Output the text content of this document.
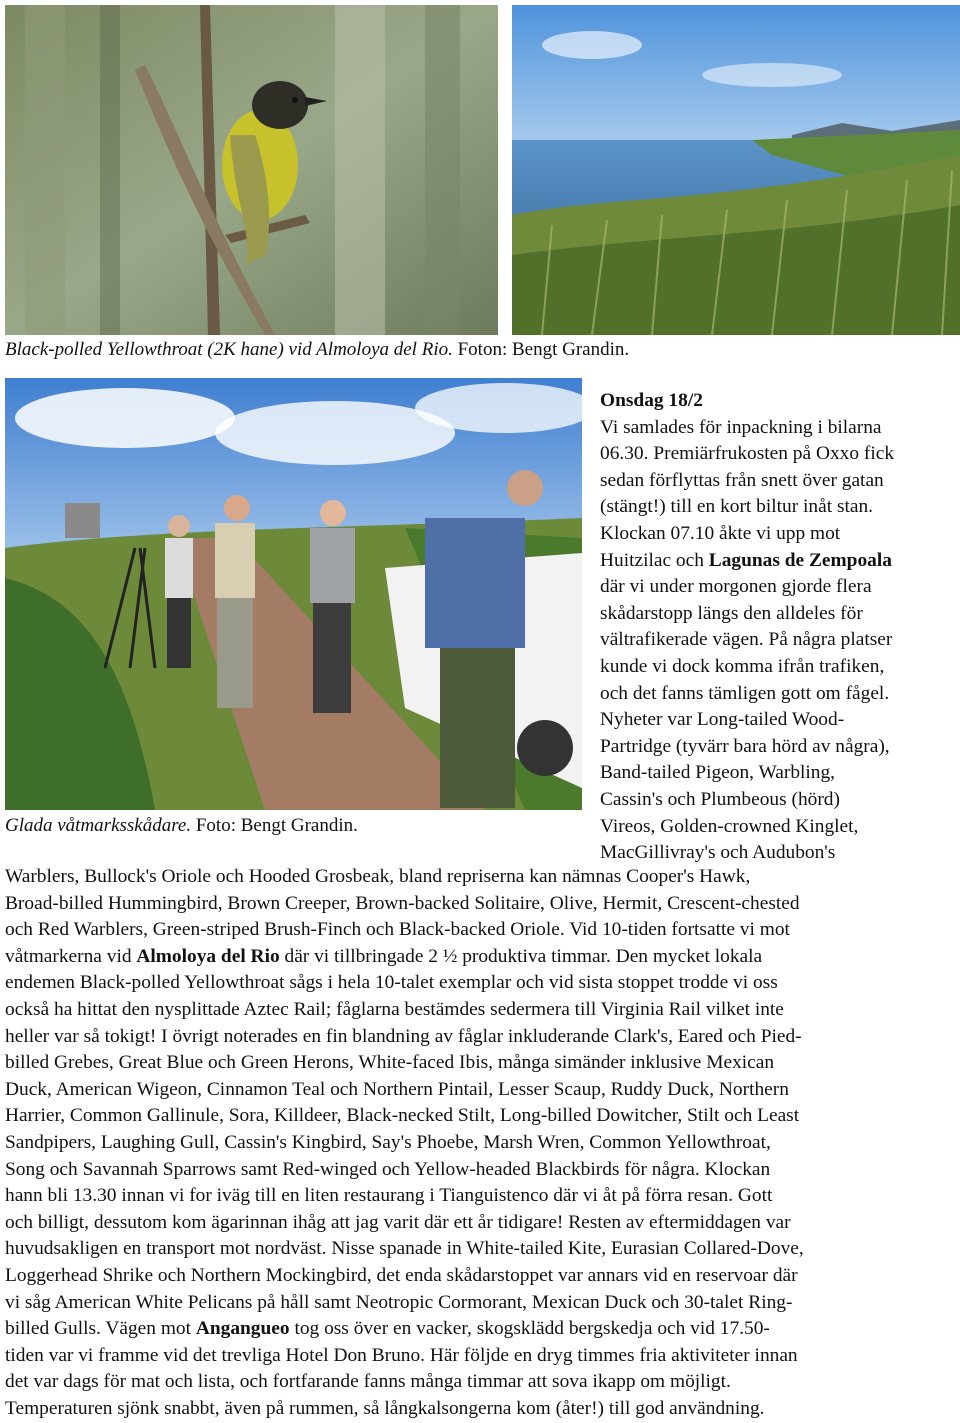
Black-polled Yellowthroat (2K hane) vid Almoloya del Rio. Foton: Bengt Grandin.
Glada våtmarksskådare. Foto: Bengt Grandin.
Onsdag 18/2
Vi samlades för inpackning i bilarna
06.30. Premiärfrukosten på Oxxo fick
sedan förflyttas från snett över gatan
(stängt!) till en kort biltur inåt stan.
Klockan 07.10 åkte vi upp mot
Huitzilac och Lagunas de Zempoala
där vi under morgonen gjorde flera
skådarstopp längs den alldeles för
vältrafikerade vägen. På några platser
kunde vi dock komma ifrån trafiken,
och det fanns tämligen gott om fågel.
Nyheter var Long-tailed Wood-
Partridge (tyvärr bara hörd av några),
Band-tailed Pigeon, Warbling,
Cassin's och Plumbeous (hörd)
Vireos, Golden-crowned Kinglet,
MacGillivray's och Audubon's
Warblers, Bullock's Oriole och Hooded Grosbeak, bland repriserna kan nämnas Cooper's Hawk,
Broad-billed Hummingbird, Brown Creeper, Brown-backed Solitaire, Olive, Hermit, Crescent-chested
och Red Warblers, Green-striped Brush-Finch och Black-backed Oriole. Vid 10-tiden fortsatte vi mot
våtmarkerna vid Almoloya del Rio där vi tillbringade 2 ½ produktiva timmar. Den mycket lokala
endemen Black-polled Yellowthroat sågs i hela 10-talet exemplar och vid sista stoppet trodde vi oss
också ha hittat den nysplittade Aztec Rail; fåglarna bestämdes sedermera till Virginia Rail vilket inte
heller var så tokigt! I övrigt noterades en fin blandning av fåglar inkluderande Clark's, Eared och Pied-
billed Grebes, Great Blue och Green Herons, White-faced Ibis, många simänder inklusive Mexican
Duck, American Wigeon, Cinnamon Teal och Northern Pintail, Lesser Scaup, Ruddy Duck, Northern
Harrier, Common Gallinule, Sora, Killdeer, Black-necked Stilt, Long-billed Dowitcher, Stilt och Least
Sandpipers, Laughing Gull, Cassin's Kingbird, Say's Phoebe, Marsh Wren, Common Yellowthroat,
Song och Savannah Sparrows samt Red-winged och Yellow-headed Blackbirds för några. Klockan
hann bli 13.30 innan vi for iväg till en liten restaurang i Tianguistenco där vi åt på förra resan. Gott
och billigt, dessutom kom ägarinnan ihåg att jag varit där ett år tidigare! Resten av eftermiddagen var
huvudsakligen en transport mot nordväst. Nisse spanade in White-tailed Kite, Eurasian Collared-Dove,
Loggerhead Shrike och Northern Mockingbird, det enda skådarstoppet var annars vid en reservoar där
vi såg American White Pelicans på håll samt Neotropic Cormorant, Mexican Duck och 30-talet Ring-
billed Gulls. Vägen mot Angangueo tog oss över en vacker, skogsklädd bergskedja och vid 17.50-
tiden var vi framme vid det trevliga Hotel Don Bruno. Här följde en dryg timmes fria aktiviteter innan
det var dags för mat och lista, och fortfarande fanns många timmar att sova ikapp om möjligt.
Temperaturen sjönk snabbt, även på rummen, så långkalsongerna kom (åter!) till god användning.
